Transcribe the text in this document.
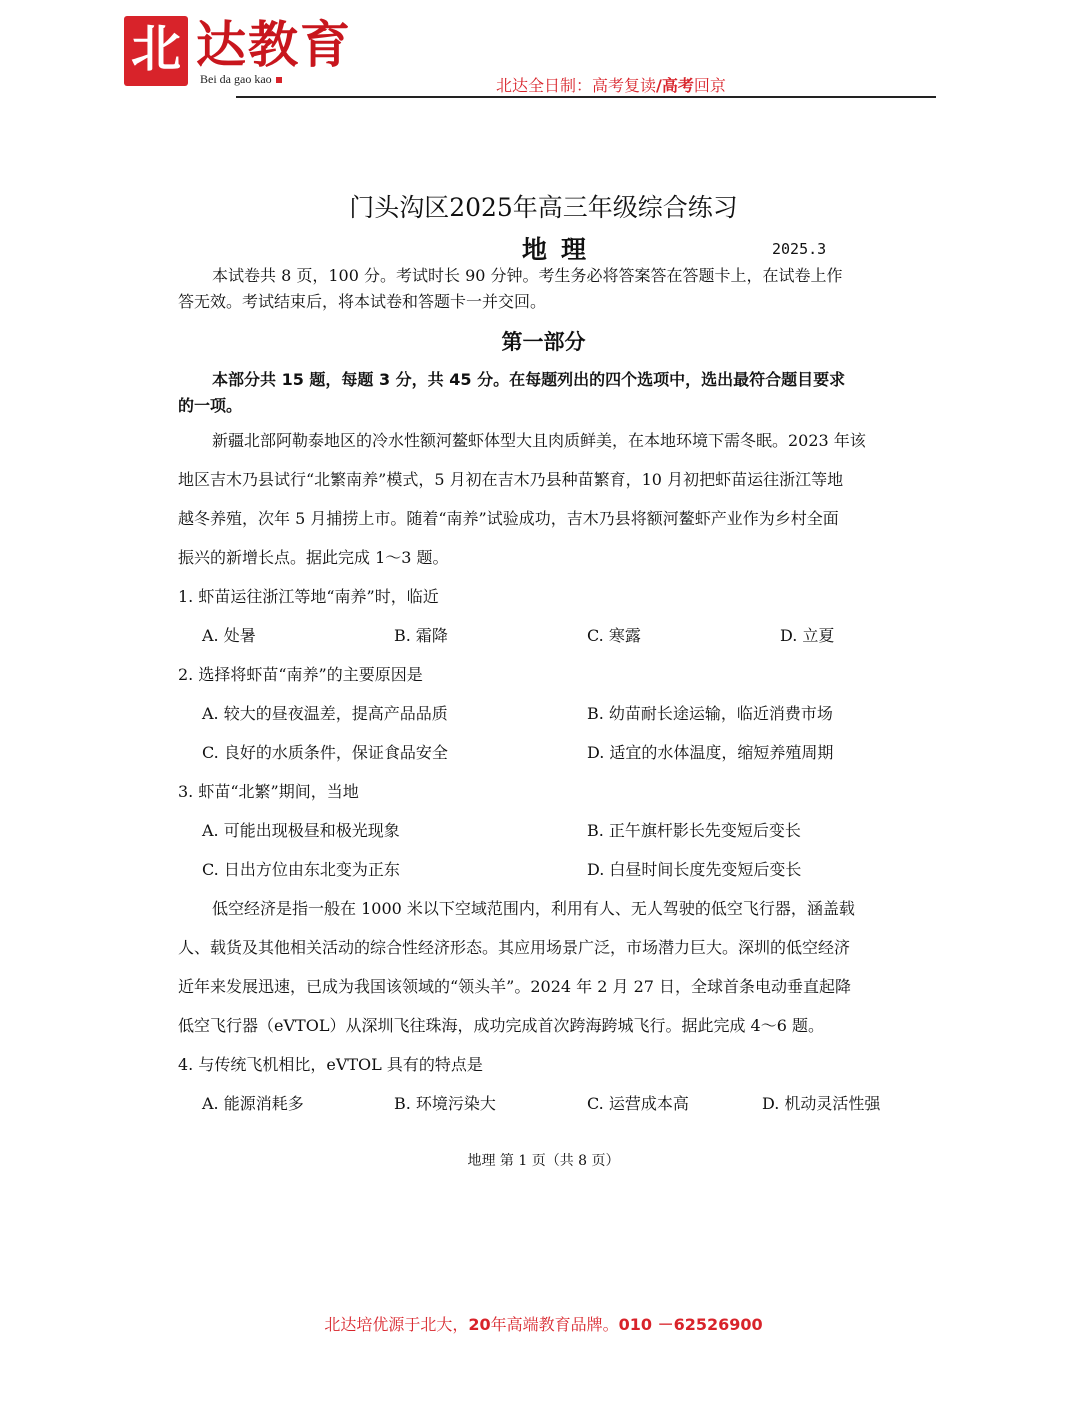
北 达教育
Bei da gao kao	北达全日制：高考复读/高考回京
门头沟区2025年高三年级综合练习
地理	2025.3
本试卷共 8 页，100 分。考试时长 90 分钟。考生务必将答案答在答题卡上，在试卷上作
答无效。考试结束后，将本试卷和答题卡一并交回。
第一部分
本部分共 15 题，每题 3 分，共 45 分。在每题列出的四个选项中，选出最符合题目要求
的一项。
新疆北部阿勒泰地区的冷水性额河鳌虾体型大且肉质鲜美，在本地环境下需冬眠。2023 年该
地区吉木乃县试行“北繁南养”模式，5 月初在吉木乃县种苗繁育，10 月初把虾苗运往浙江等地
越冬养殖，次年 5 月捕捞上市。随着“南养”试验成功，吉木乃县将额河鳌虾产业作为乡村全面
振兴的新增长点。据此完成 1～3 题。
1. 虾苗运往浙江等地“南养”时，临近
A. 处暑	B. 霜降	C. 寒露	D. 立夏
2. 选择将虾苗“南养”的主要原因是
A. 较大的昼夜温差，提高产品品质	B. 幼苗耐长途运输，临近消费市场
C. 良好的水质条件，保证食品安全	D. 适宜的水体温度，缩短养殖周期
3. 虾苗“北繁”期间，当地
A. 可能出现极昼和极光现象	B. 正午旗杆影长先变短后变长
C. 日出方位由东北变为正东	D. 白昼时间长度先变短后变长
低空经济是指一般在 1000 米以下空域范围内，利用有人、无人驾驶的低空飞行器，涵盖载
人、载货及其他相关活动的综合性经济形态。其应用场景广泛，市场潜力巨大。深圳的低空经济
近年来发展迅速，已成为我国该领域的“领头羊”。2024 年 2 月 27 日，全球首条电动垂直起降
低空飞行器（eVTOL）从深圳飞往珠海，成功完成首次跨海跨城飞行。据此完成 4～6 题。
4. 与传统飞机相比，eVTOL 具有的特点是
A. 能源消耗多	B. 环境污染大	C. 运营成本高	D. 机动灵活性强
地理 第 1 页（共 8 页）
北达培优源于北大，20年高端教育品牌。010 －62526900
